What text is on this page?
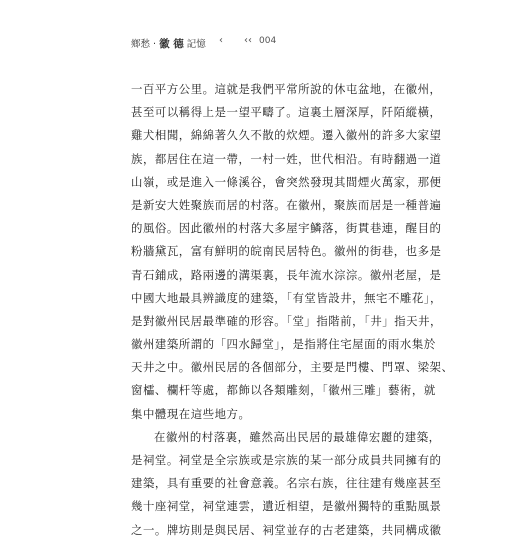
鄉愁 · 徽 德 記憶 ‹ ‹‹ 004
一百平方公里。這就是我們平常所說的休屯盆地，在徽州，
甚至可以稱得上是一望平疇了。這裏土層深厚，阡陌縱橫，
雞犬相聞，綿綿著久久不散的炊煙。遷入徽州的許多大家望
族，都居住在這一帶，一村一姓，世代相沿。有時翻過一道
山嶺，或是進入一條溪谷，會突然發現其間煙火萬家，那便
是新安大姓聚族而居的村落。在徽州，聚族而居是一種普遍
的風俗。因此徽州的村落大多屋宇鱗落，街貫巷連，醒目的
粉牆黛瓦，富有鮮明的皖南民居特色。徽州的街巷，也多是
青石鋪成，路兩邊的溝渠裏，長年流水淙淙。徽州老屋，是
中國大地最具辨識度的建築，「有堂皆設井，無宅不雕花」，
是對徽州民居最準確的形容。「堂」指階前，「井」指天井，
徽州建築所謂的「四水歸堂」，是指將住宅屋面的雨水集於
天井之中。徽州民居的各個部分，主要是門樓、門罩、梁架、
窗櫺、欄杆等處，都飾以各類雕刻，「徽州三雕」藝術，就
集中體現在這些地方。
在徽州的村落裏，雖然高出民居的最雄偉宏麗的建築，
是祠堂。祠堂是全宗族或是宗族的某一部分成員共同擁有的
建築，具有重要的社會意義。名宗右族，往往建有幾座甚至
幾十座祠堂，祠堂連雲，遺近相望，是徽州獨特的重點風景
之一。牌坊則是與民居、祠堂並存的古老建築，共同構成徽
